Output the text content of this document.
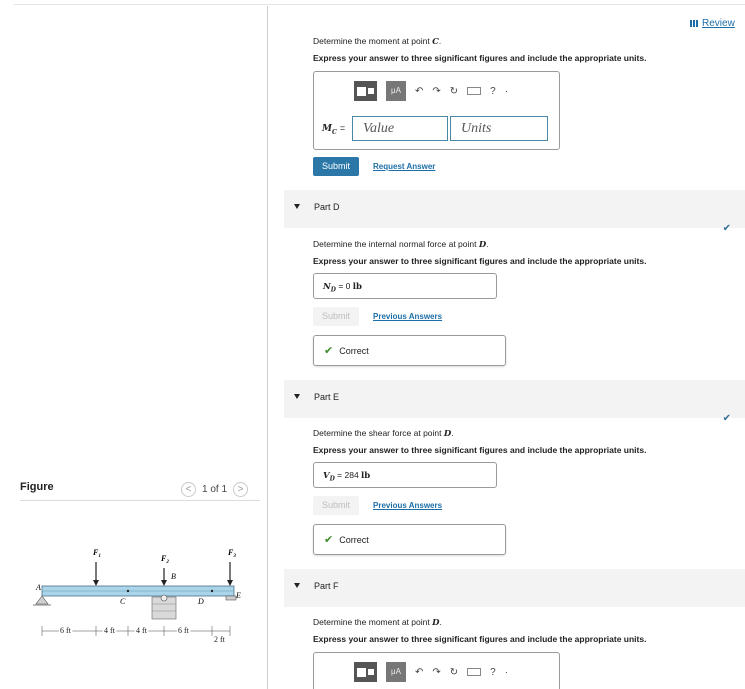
Figure	< 1 of 1 >
$F_1$	$F_2$
$F_3$
A
B
C	D
E
6 ft	4 ft	4 ft	6 ft
2 ft
Review
Determine the moment at point C.
Express your answer to three significant figures and include the appropriate units.
μA	↶ ↷ ↻	? ·
$M_C$ =	Value	Units
Submit	Request Answer
Part D
✔
Determine the internal normal force at point D.
Express your answer to three significant figures and include the appropriate units.
$N_D = 0$ lb
Submit	Previous Answers
✔ Correct
Part E
✔
Determine the shear force at point D.
Express your answer to three significant figures and include the appropriate units.
$V_D = 284$ lb
Submit	Previous Answers
✔ Correct
Part F
Determine the moment at point D.
Express your answer to three significant figures and include the appropriate units.
μA	↶ ↷ ↻	? ·
